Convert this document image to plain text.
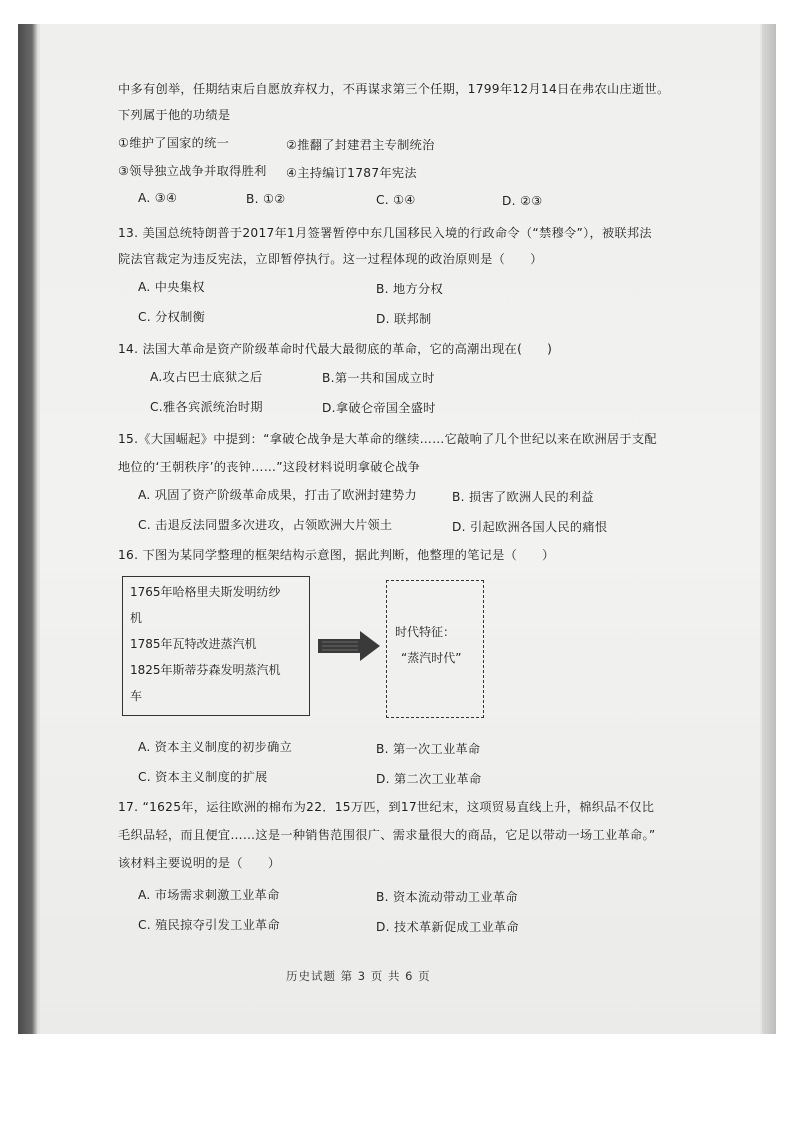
中多有创举，任期结束后自愿放弃权力，不再谋求第三个任期，1799年12月14日在弗农山庄逝世。
下列属于他的功绩是
①维护了国家的统一	②推翻了封建君主专制统治
③领导独立战争并取得胜利 ④主持编订1787年宪法
A. ③④	B. ①②	C. ①④	D. ②③
13. 美国总统特朗普于2017年1月签署暂停中东几国移民入境的行政命令（“禁穆令”），被联邦法
院法官裁定为违反宪法，立即暂停执行。这一过程体现的政治原则是（　　）
A. 中央集权	B. 地方分权
C. 分权制衡	D. 联邦制
14. 法国大革命是资产阶级革命时代最大最彻底的革命，它的高潮出现在(　　)
A.攻占巴士底狱之后	B.第一共和国成立时
C.雅各宾派统治时期	D.拿破仑帝国全盛时
15.《大国崛起》中提到：“拿破仑战争是大革命的继续……它敲响了几个世纪以来在欧洲居于支配
地位的‘王朝秩序’的丧钟……”这段材料说明拿破仑战争
A. 巩固了资产阶级革命成果，打击了欧洲封建势力	B. 损害了欧洲人民的利益
C. 击退反法同盟多次进攻，占领欧洲大片领土	D. 引起欧洲各国人民的痛恨
16. 下图为某同学整理的框架结构示意图，据此判断，他整理的笔记是（　　）
1765年哈格里夫斯发明纺纱
机
1785年瓦特改进蒸汽机
1825年斯蒂芬森发明蒸汽机
车
时代特征：
“蒸汽时代”
A. 资本主义制度的初步确立	B. 第一次工业革命
C. 资本主义制度的扩展	D. 第二次工业革命
17. “1625年，运往欧洲的棉布为22．15万匹，到17世纪末，这项贸易直线上升，棉织品不仅比
毛织品轻，而且便宜……这是一种销售范围很广、需求量很大的商品，它足以带动一场工业革命。”
该材料主要说明的是（　　）
A. 市场需求刺激工业革命	B. 资本流动带动工业革命
C. 殖民掠夺引发工业革命	D. 技术革新促成工业革命
历史试题 第 3 页 共 6 页
